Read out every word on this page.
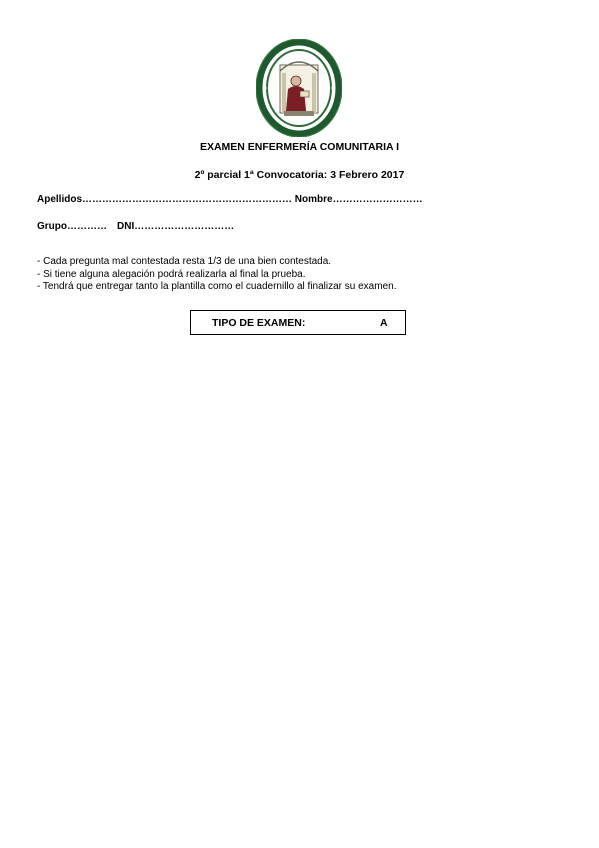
EXAMEN ENFERMERÍA COMUNITARIA I
2º parcial 1ª Convocatoria: 3 Febrero 2017
Apellidos……………………………………………………… Nombre………………………
Grupo………… DNI…………………………
- Cada pregunta mal contestada resta 1/3 de una bien contestada.
- Si tiene alguna alegación podrá realizarla al final la prueba.
- Tendrá que entregar tanto la plantilla como el cuadernillo al finalizar su examen.
TIPO DE EXAMEN:	A
